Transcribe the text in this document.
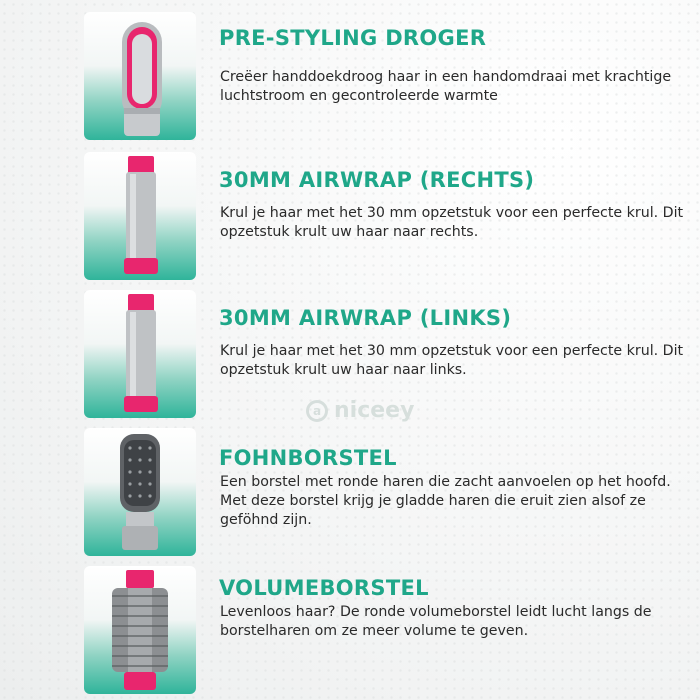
PRE-STYLING DROGER

Creëer handdoekdroog haar in een handomdraai met krachtige luchtstroom en gecontroleerde warmte

30MM AIRWRAP (RECHTS)

Krul je haar met het 30 mm opzetstuk voor een perfecte krul. Dit opzetstuk krult uw haar naar rechts.

30MM AIRWRAP (LINKS)

Krul je haar met het 30 mm opzetstuk voor een perfecte krul. Dit opzetstuk krult uw haar naar links.

FOHNBORSTEL

Een borstel met ronde haren die zacht aanvoelen op het hoofd. Met deze borstel krijg je gladde haren die eruit zien alsof ze geföhnd zijn.

VOLUMEBORSTEL

Levenloos haar? De ronde volumeborstel leidt lucht langs de borstelharen om ze meer volume te geven.

a niceey
